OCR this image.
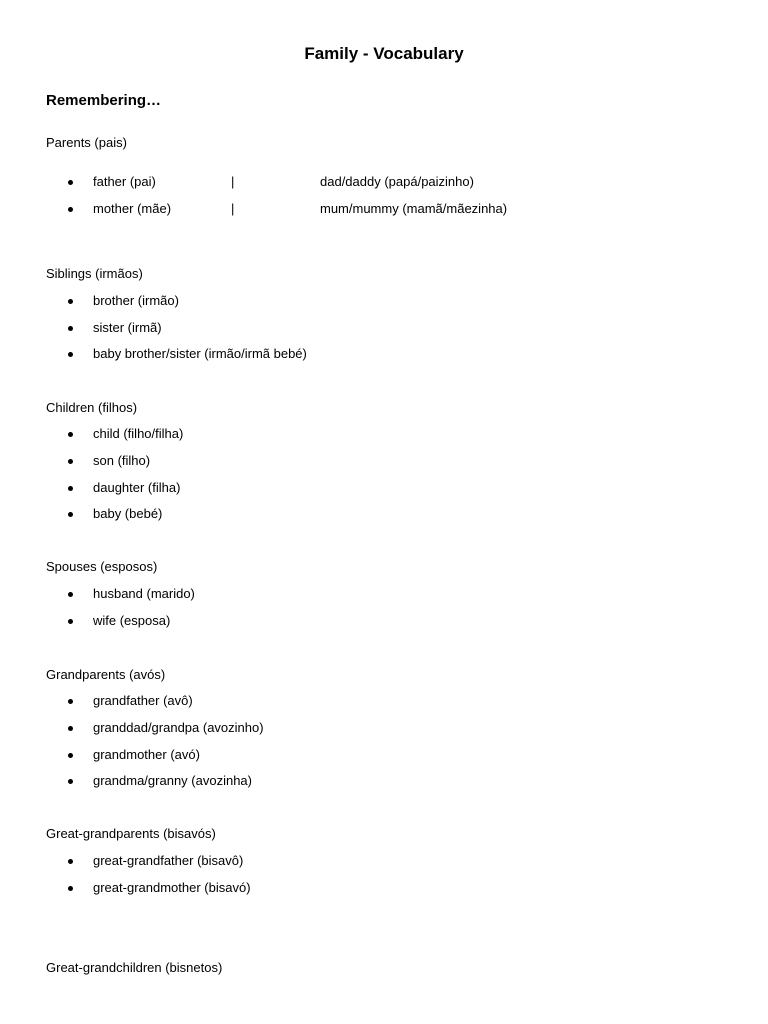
Family - Vocabulary
Remembering…
Parents (pais)
father (pai)	|	dad/daddy (papá/paizinho)
mother (mãe)	|	mum/mummy (mamã/mãezinha)
Siblings (irmãos)
brother (irmão)
sister (irmã)
baby brother/sister (irmão/irmã bebé)
Children (filhos)
child (filho/filha)
son (filho)
daughter (filha)
baby (bebé)
Spouses (esposos)
husband (marido)
wife (esposa)
Grandparents (avós)
grandfather (avô)
granddad/grandpa (avozinho)
grandmother (avó)
grandma/granny (avozinha)
Great-grandparents (bisavós)
great-grandfather (bisavô)
great-grandmother (bisavó)
Great-grandchildren (bisnetos)
